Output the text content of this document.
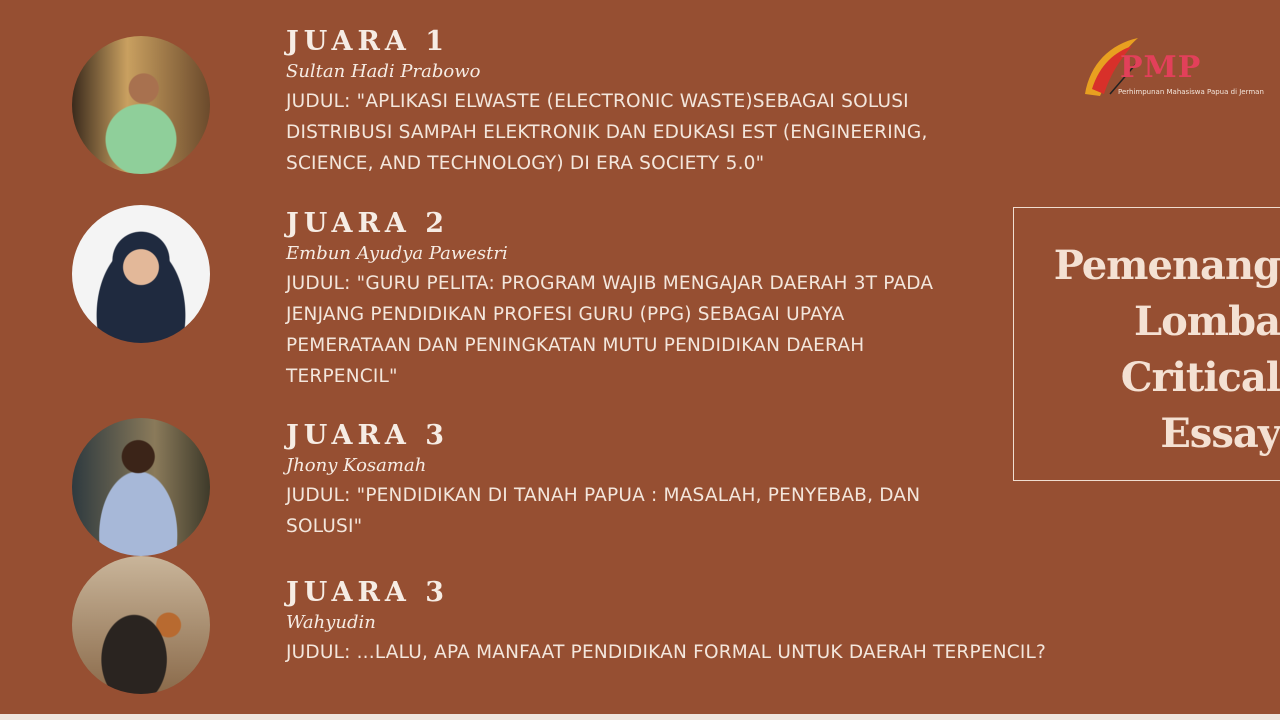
JUARA 1
Sultan Hadi Prabowo
JUDUL: "APLIKASI ELWASTE (ELECTRONIC WASTE)SEBAGAI SOLUSI
DISTRIBUSI SAMPAH ELEKTRONIK DAN EDUKASI EST (ENGINEERING,
SCIENCE, AND TECHNOLOGY) DI ERA SOCIETY 5.0"
JUARA 2
Embun Ayudya Pawestri
JUDUL: "GURU PELITA: PROGRAM WAJIB MENGAJAR DAERAH 3T PADA
JENJANG PENDIDIKAN PROFESI GURU (PPG) SEBAGAI UPAYA
PEMERATAAN DAN PENINGKATAN MUTU PENDIDIKAN DAERAH
TERPENCIL"
JUARA 3
Jhony Kosamah
JUDUL: "PENDIDIKAN DI TANAH PAPUA : MASALAH, PENYEBAB, DAN
SOLUSI"
JUARA 3
Wahyudin
JUDUL: ...LALU, APA MANFAAT PENDIDIKAN FORMAL UNTUK DAERAH TERPENCIL?
PMP
Perhimpunan Mahasiswa Papua di Jerman
Pemenang
Lomba
Critical
Essay
